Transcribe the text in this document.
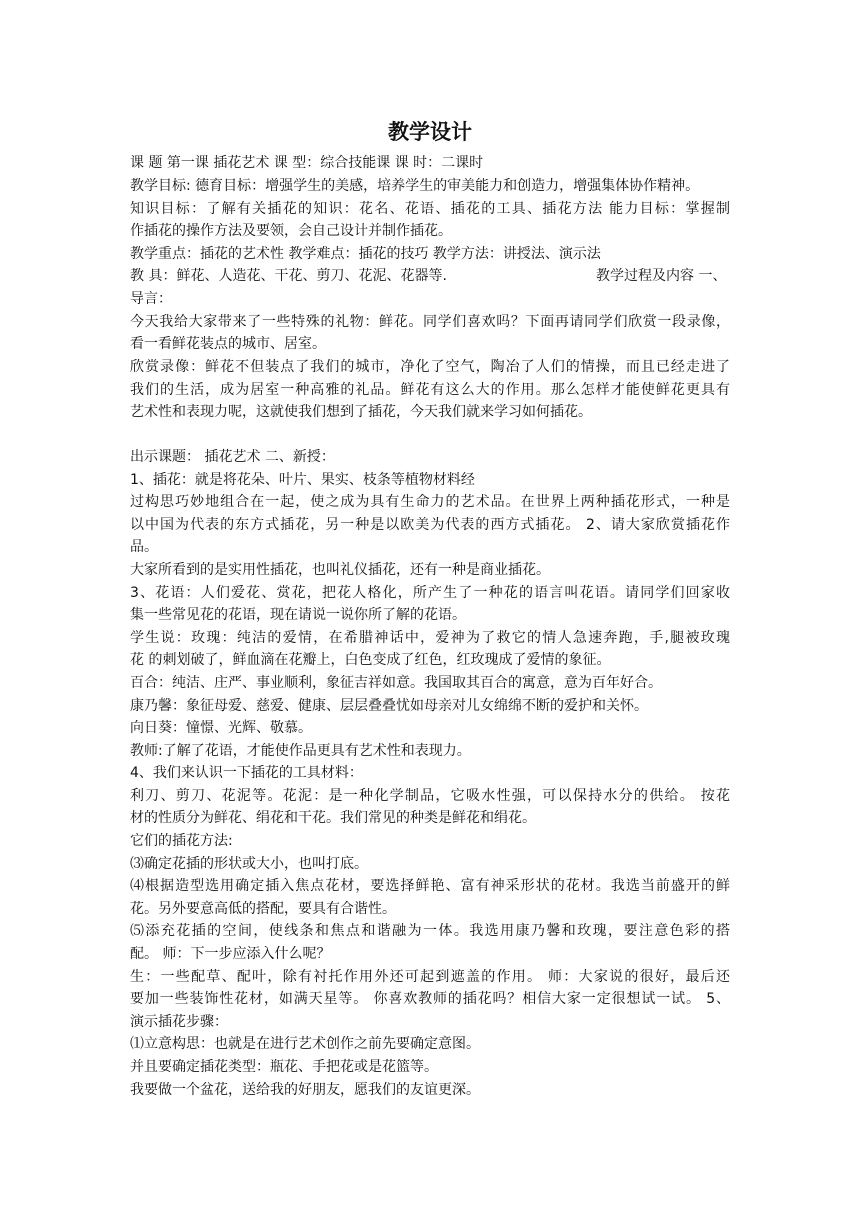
教学设计
课 题 第一课 插花艺术 课 型：综合技能课 课 时：二课时
教学目标: 德育目标：增强学生的美感，培养学生的审美能力和创造力，增强集体协作精神。
知识目标：了解有关插花的知识：花名、花语、插花的工具、插花方法 能力目标：掌握制
作插花的操作方法及要领，会自己设计并制作插花。
教学重点：插花的艺术性 教学难点：插花的技巧 教学方法：讲授法、演示法
教 具：鲜花、人造花、干花、剪刀、花泥、花器等.
导言：
今天我给大家带来了一些特殊的礼物：鲜花。同学们喜欢吗？下面再请同学们欣赏一段录像，
看一看鲜花装点的城市、居室。
欣赏录像：鲜花不但装点了我们的城市，净化了空气，陶冶了人们的情操，而且已经走进了
我们的生活，成为居室一种高雅的礼品。鲜花有这么大的作用。那么怎样才能使鲜花更具有
艺术性和表现力呢，这就使我们想到了插花，今天我们就来学习如何插花。
出示课题： 插花艺术 二、新授：
1、插花：就是将花朵、叶片、果实、枝条等植物材料经
过构思巧妙地组合在一起，使之成为具有生命力的艺术品。在世界上两种插花形式，一种是
以中国为代表的东方式插花，另一种是以欧美为代表的西方式插花。 2、请大家欣赏插花作
品。
大家所看到的是实用性插花，也叫礼仪插花，还有一种是商业插花。
3、花语：人们爱花、赏花，把花人格化，所产生了一种花的语言叫花语。请同学们回家收
集一些常见花的花语，现在请说一说你所了解的花语。
学生说：玫瑰：纯洁的爱情，在希腊神话中，爱神为了救它的情人急速奔跑，手,腿被玫瑰
花 的刺划破了，鲜血滴在花瓣上，白色变成了红色，红玫瑰成了爱情的象征。
百合：纯洁、庄严、事业顺利，象征吉祥如意。我国取其百合的寓意，意为百年好合。
康乃馨：象征母爱、慈爱、健康、层层叠叠忧如母亲对儿女绵绵不断的爱护和关怀。
向日葵：憧憬、光辉、敬慕。
教师:了解了花语，才能使作品更具有艺术性和表现力。
4、我们来认识一下插花的工具材料：
利刀、剪刀、花泥等。花泥：是一种化学制品，它吸水性强，可以保持水分的供给。 按花
材的性质分为鲜花、绢花和干花。我们常见的种类是鲜花和绢花。
它们的插花方法:
⑶确定花插的形状或大小，也叫打底。
⑷根据造型选用确定插入焦点花材，要选择鲜艳、富有神采形状的花材。我选当前盛开的鲜
花。另外要意高低的搭配，要具有合谐性。
⑸添充花插的空间，使线条和焦点和谐融为一体。我选用康乃馨和玫瑰，要注意色彩的搭
配。 师：下一步应添入什么呢？
生：一些配草、配叶，除有衬托作用外还可起到遮盖的作用。 师：大家说的很好，最后还
要加一些装饰性花材，如满天星等。 你喜欢教师的插花吗？相信大家一定很想试一试。 5、
演示插花步骤：
⑴立意构思：也就是在进行艺术创作之前先要确定意图。
并且要确定插花类型：瓶花、手把花或是花篮等。
我要做一个盆花，送给我的好朋友，愿我们的友谊更深。
教学过程及内容 一、
